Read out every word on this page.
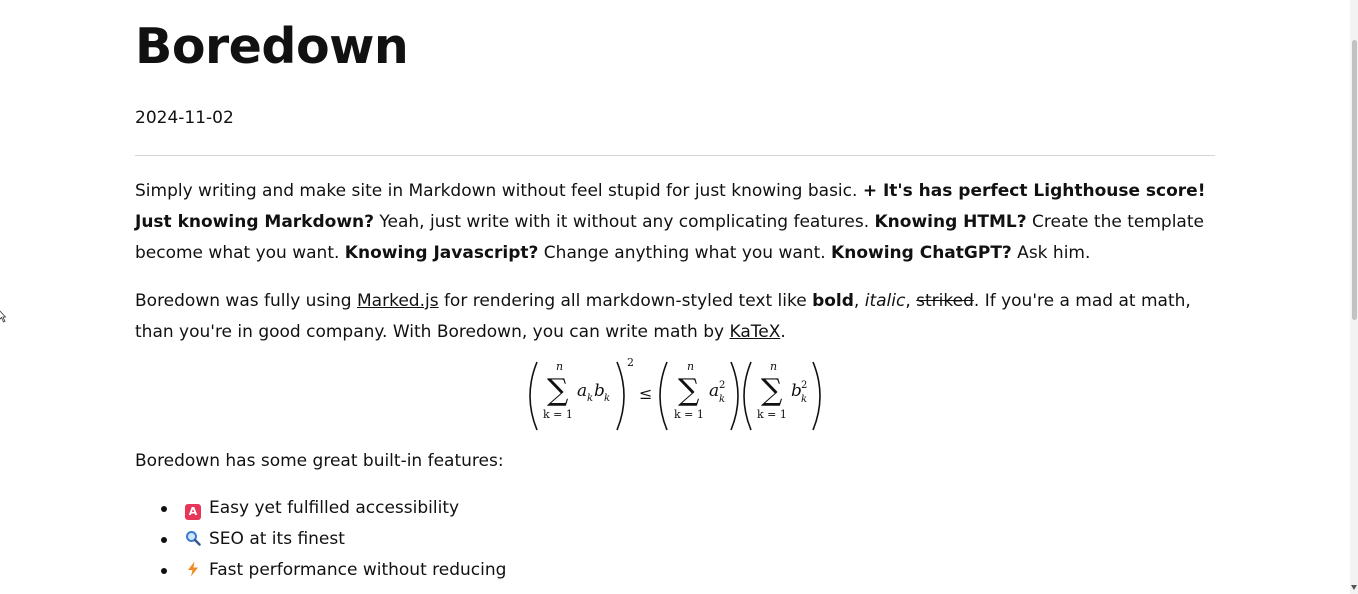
Boredown
2024-11-02

Simply writing and make site in Markdown without feel stupid for just knowing basic. + It's has perfect Lighthouse score!
Just knowing Markdown? Yeah, just write with it without any complicating features. Knowing HTML? Create the template become what you want. Knowing Javascript? Change anything what you want. Knowing ChatGPT? Ask him.

Boredown was fully using Marked.js for rendering all markdown-styled text like bold, italic, striked. If you're a mad at math, than you're in good company. With Boredown, you can write math by KaTeX.

n
∑
k = 1
a k b k
2
≤
n
∑
k = 1
a 2
k
n
∑
k = 1
b 2
k

Boredown has some great built-in features:

A Easy yet fulfilled accessibility
SEO at its finest
Fast performance without reducing
